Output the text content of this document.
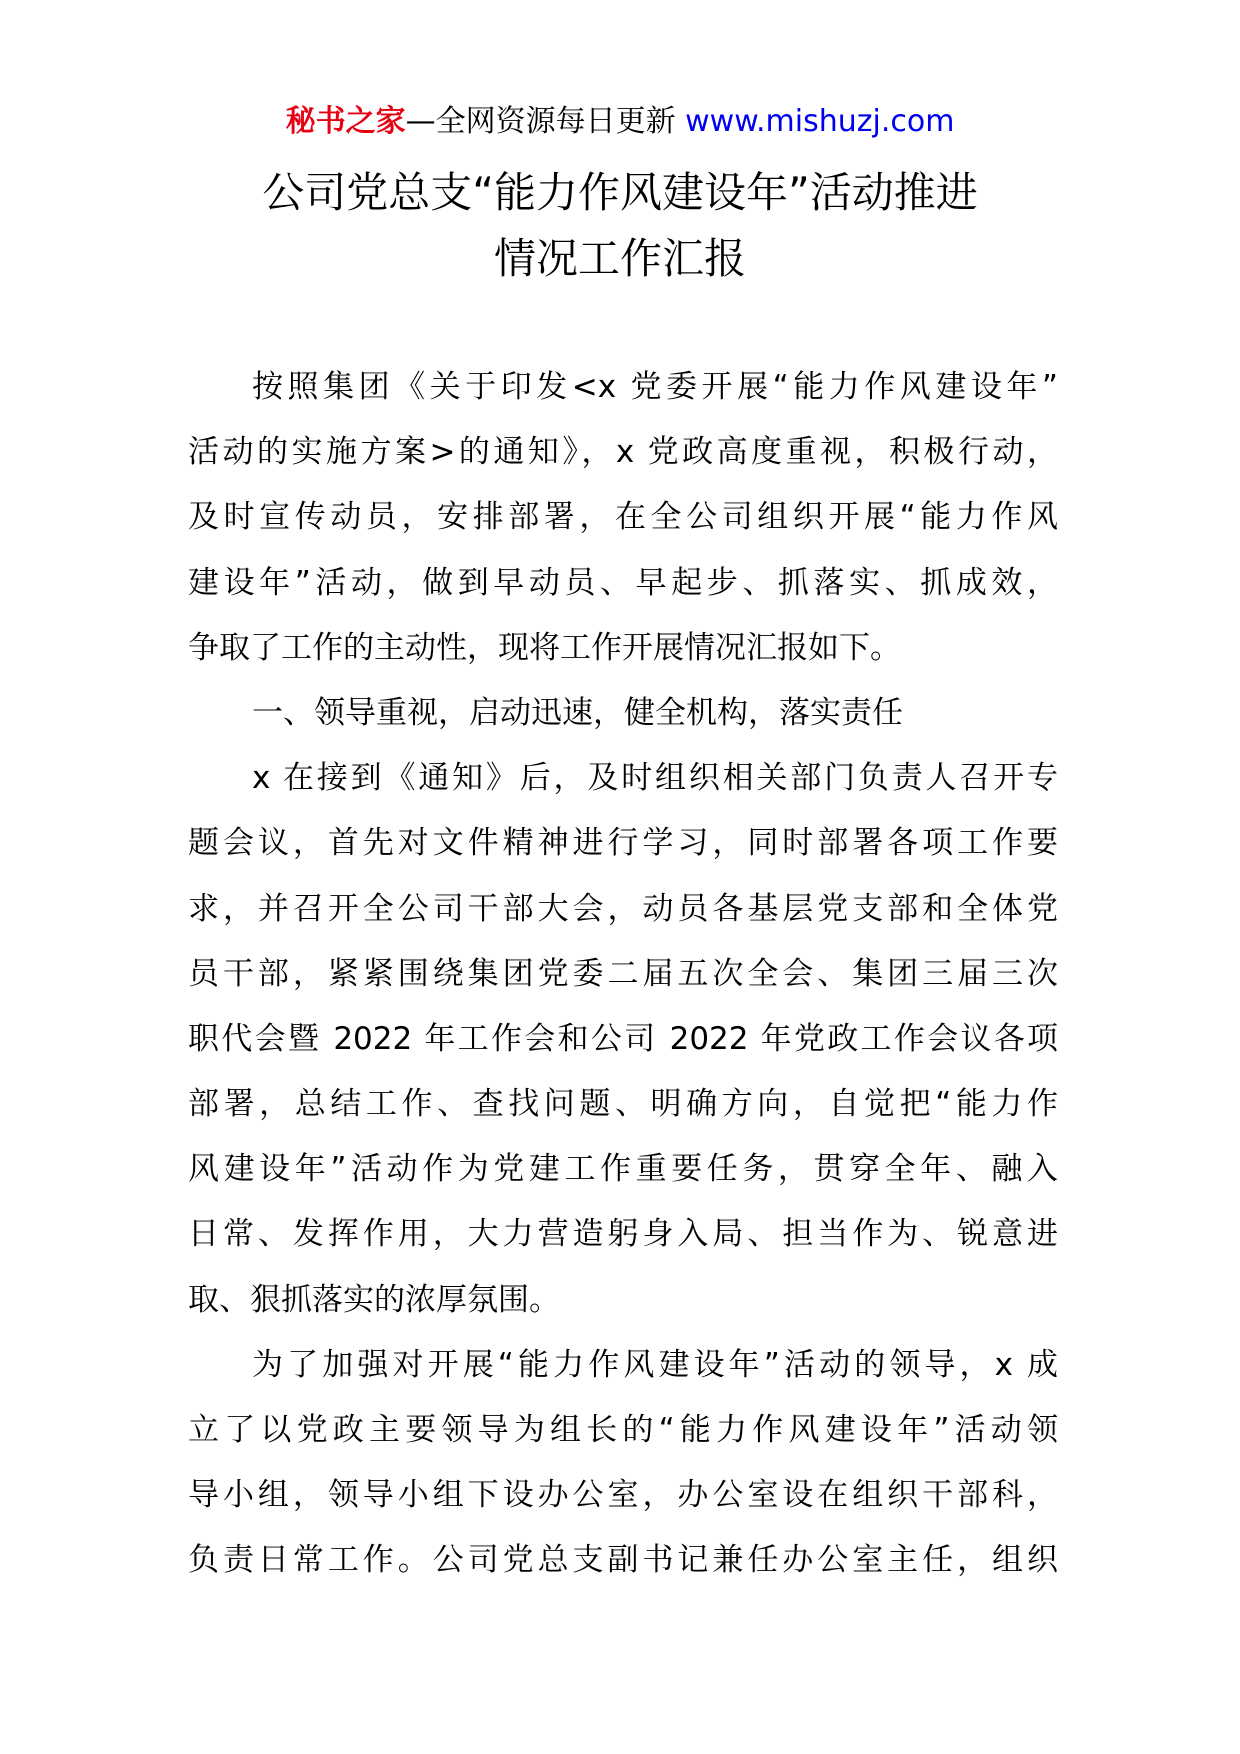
秘书之家—全网资源每日更新 www.mishuzj.com
公司党总支“能力作风建设年”活动推进
情况工作汇报
按照集团《关于印发<x 党委开展“能力作风建设年”
活动的实施方案>的通知》，x 党政高度重视，积极行动，
及时宣传动员，安排部署，在全公司组织开展“能力作风
建设年”活动，做到早动员、早起步、抓落实、抓成效，
争取了工作的主动性，现将工作开展情况汇报如下。
一、领导重视，启动迅速，健全机构，落实责任
x 在接到《通知》后，及时组织相关部门负责人召开专
题会议，首先对文件精神进行学习，同时部署各项工作要
求，并召开全公司干部大会，动员各基层党支部和全体党
员干部，紧紧围绕集团党委二届五次全会、集团三届三次
职代会暨 2022 年工作会和公司 2022 年党政工作会议各项
部署，总结工作、查找问题、明确方向，自觉把“能力作
风建设年”活动作为党建工作重要任务，贯穿全年、融入
日常、发挥作用，大力营造躬身入局、担当作为、锐意进
取、狠抓落实的浓厚氛围。
为了加强对开展“能力作风建设年”活动的领导，x 成
立了以党政主要领导为组长的“能力作风建设年”活动领
导小组，领导小组下设办公室，办公室设在组织干部科，
负责日常工作。公司党总支副书记兼任办公室主任，组织
